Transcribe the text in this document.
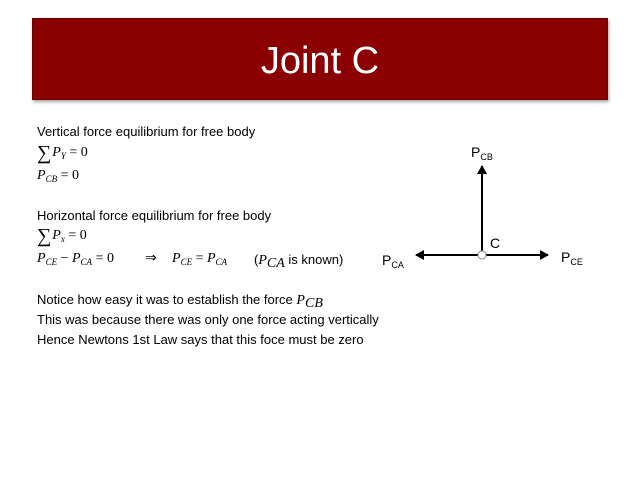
Joint C
Vertical force equilibrium for free body
$\sum P_Y = 0$
$P_{CB} = 0$
Horizontal force equilibrium for free body
$\sum P_x = 0$
$P_{CE} - P_{CA} = 0$ ⇒ $P_{CE} = P_{CA}$ ($P_{CA}$ is known)
Notice how easy it was to establish the force $P_{CB}$
This was because there was only one force acting vertically
Hence Newtons 1st Law says that this foce must be zero
$P_{CB}$
C
$P_{CA}$	$P_{CE}$
